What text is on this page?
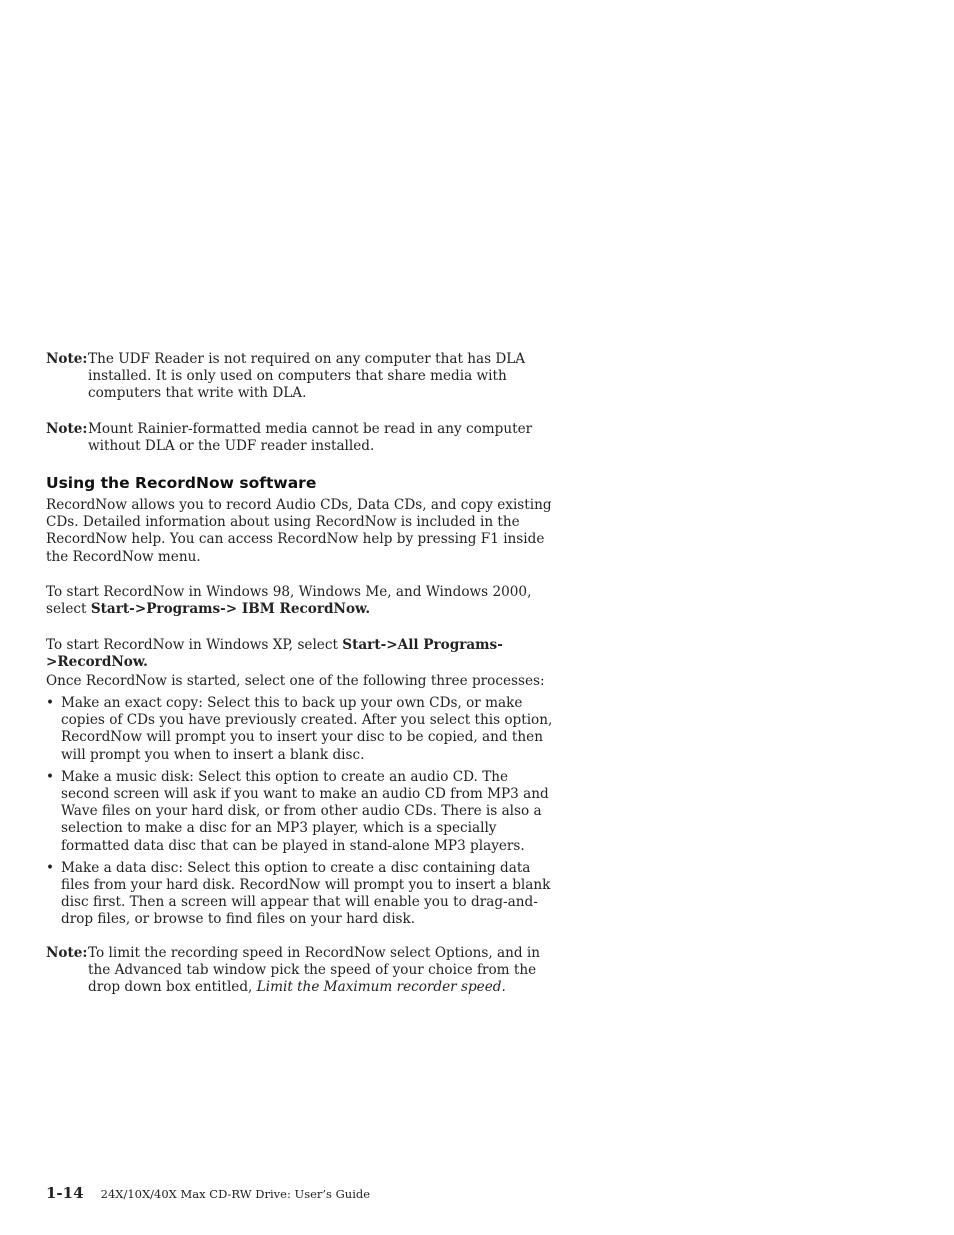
Note: The UDF Reader is not required on any computer that has DLA installed. It is only used on computers that share media with computers that write with DLA.
Note: Mount Rainier-formatted media cannot be read in any computer without DLA or the UDF reader installed.
Using the RecordNow software
RecordNow allows you to record Audio CDs, Data CDs, and copy existing CDs. Detailed information about using RecordNow is included in the RecordNow help. You can access RecordNow help by pressing F1 inside the RecordNow menu.
To start RecordNow in Windows 98, Windows Me, and Windows 2000, select Start->Programs-> IBM RecordNow.
To start RecordNow in Windows XP, select Start->All Programs->RecordNow.
Once RecordNow is started, select one of the following three processes:
• Make an exact copy: Select this to back up your own CDs, or make copies of CDs you have previously created. After you select this option, RecordNow will prompt you to insert your disc to be copied, and then will prompt you when to insert a blank disc.
• Make a music disk: Select this option to create an audio CD. The second screen will ask if you want to make an audio CD from MP3 and Wave files on your hard disk, or from other audio CDs. There is also a selection to make a disc for an MP3 player, which is a specially formatted data disc that can be played in stand-alone MP3 players.
• Make a data disc: Select this option to create a disc containing data files from your hard disk. RecordNow will prompt you to insert a blank disc first. Then a screen will appear that will enable you to drag-and-drop files, or browse to find files on your hard disk.
Note: To limit the recording speed in RecordNow select Options, and in the Advanced tab window pick the speed of your choice from the drop down box entitled, Limit the Maximum recorder speed.
1-14 24X/10X/40X Max CD-RW Drive: User’s Guide
